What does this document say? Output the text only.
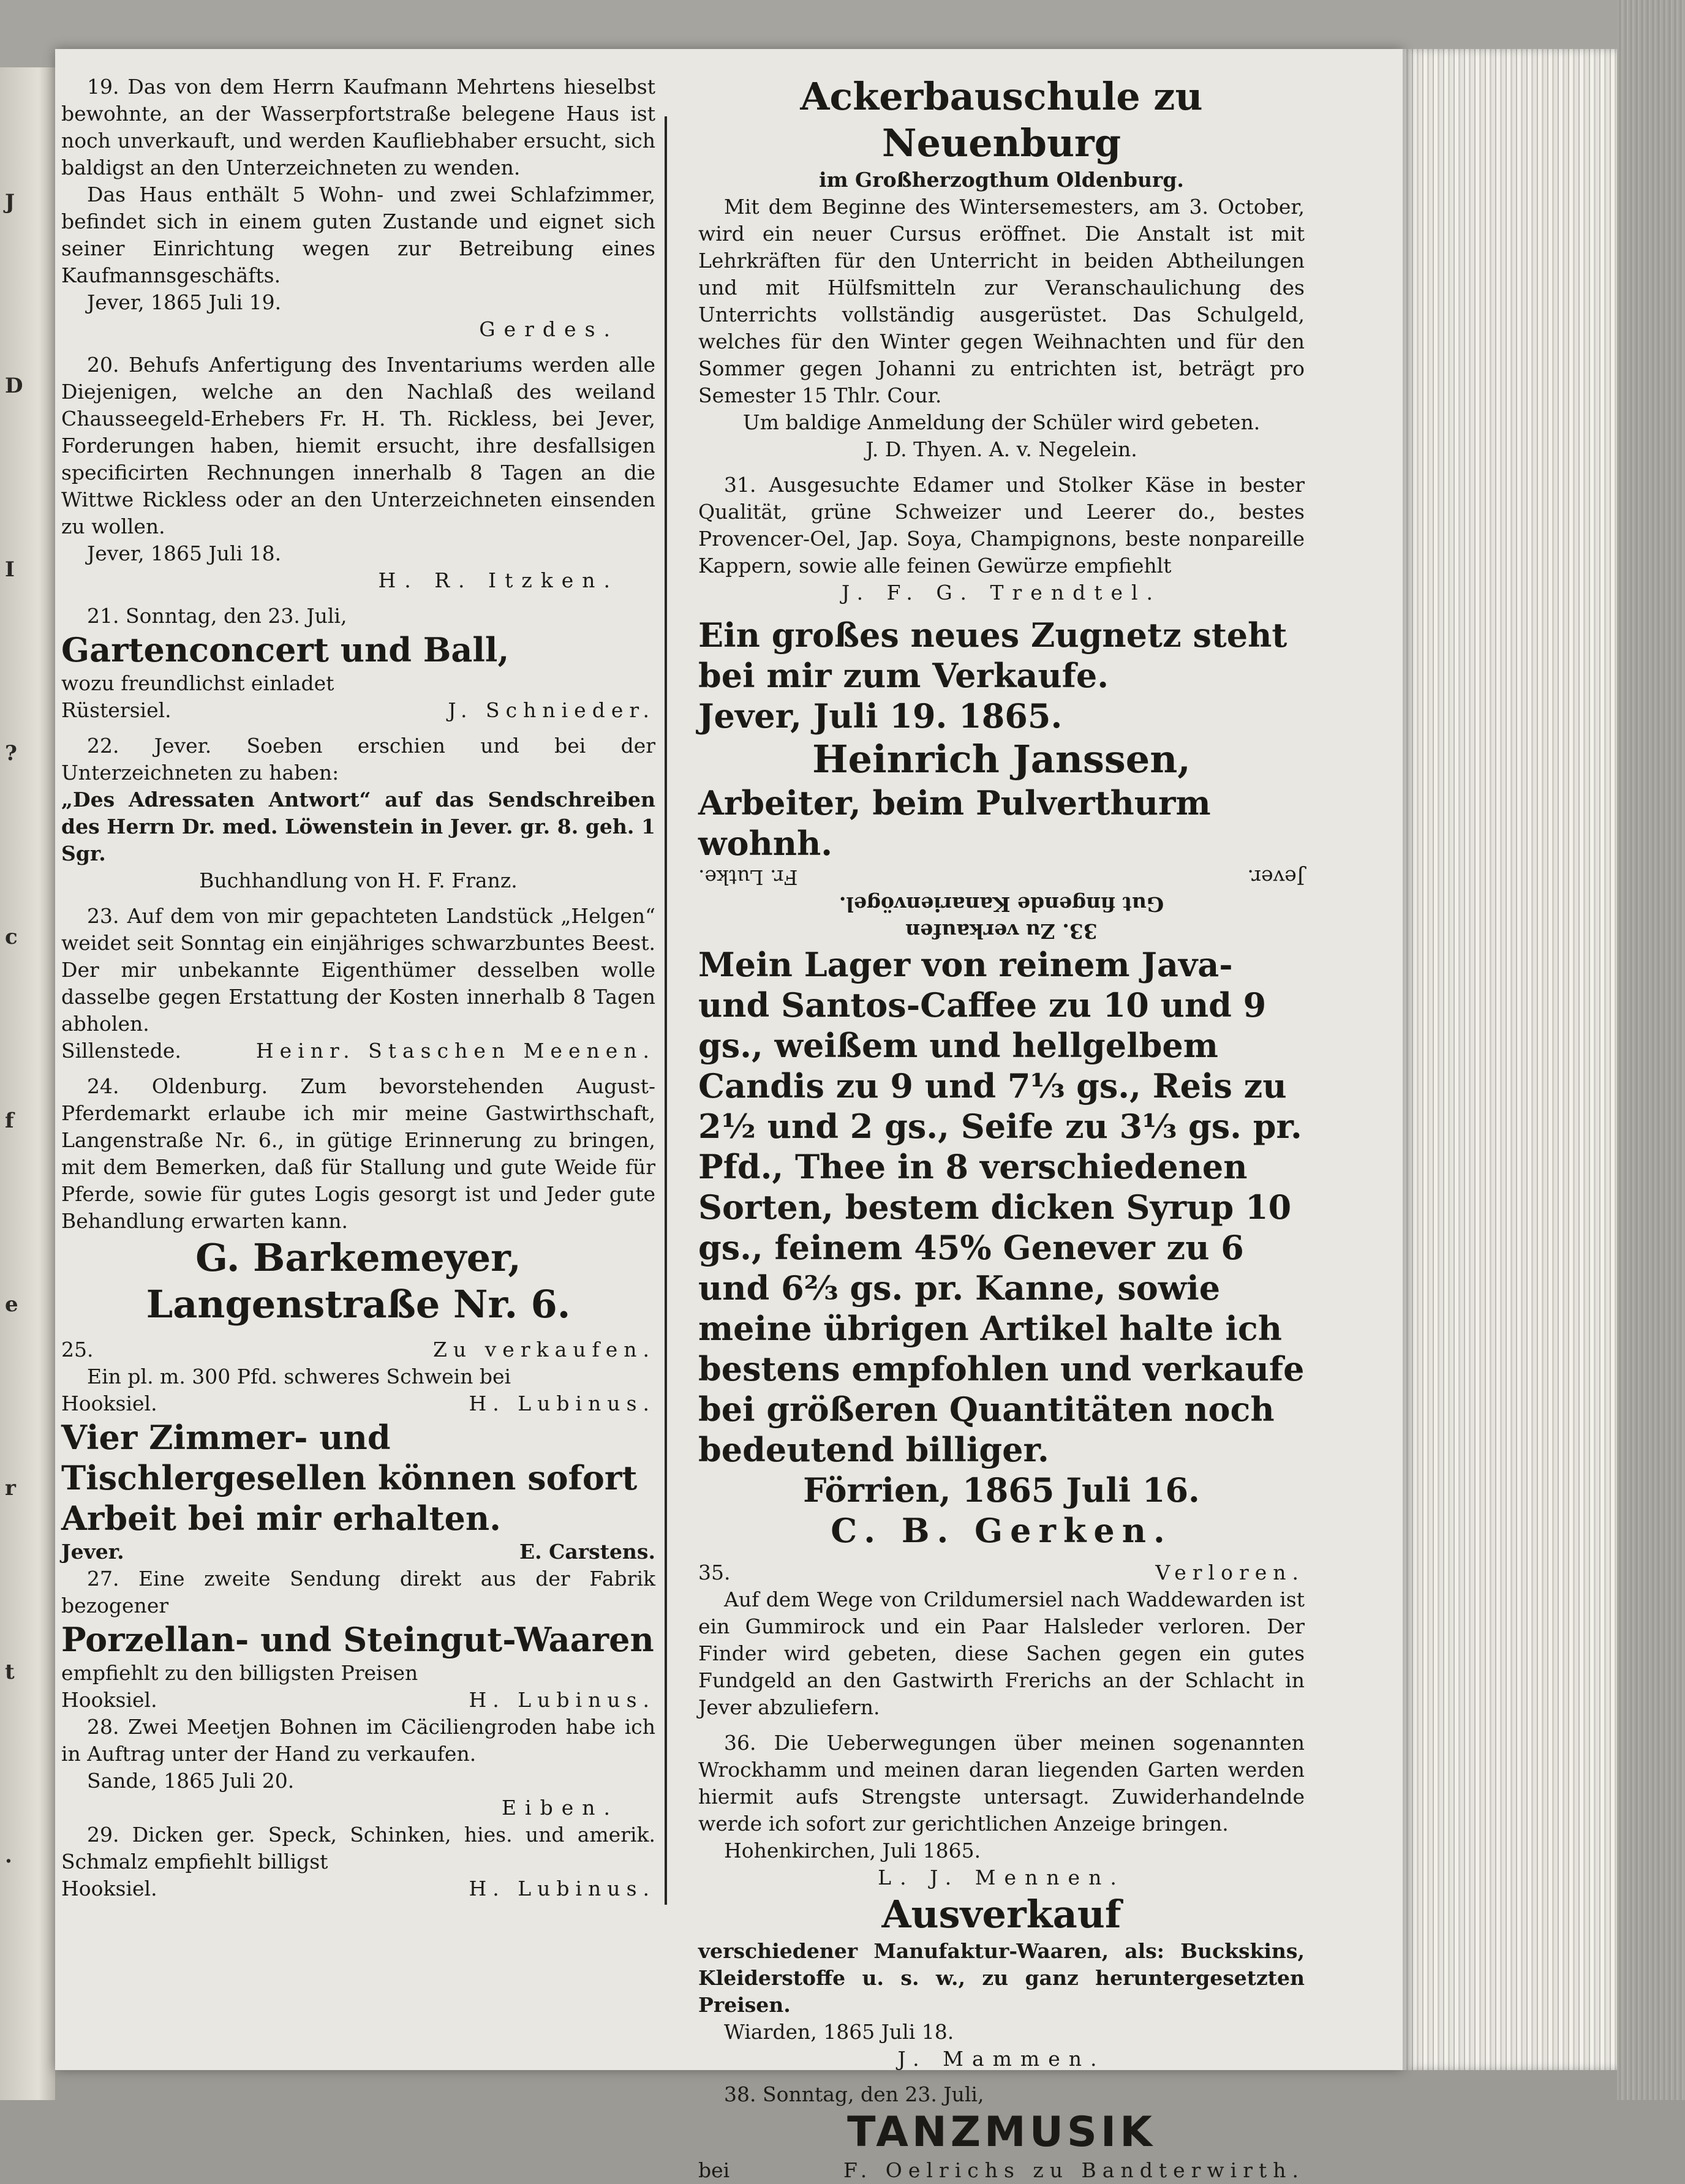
J
D
I
?
c
f
e
r
t
.

19. Das von dem Herrn Kaufmann Mehrtens hieselbst bewohnte, an der Wasserpfortstraße belegene Haus ist noch unverkauft, und werden Kaufliebhaber ersucht, sich baldigst an den Unterzeichneten zu wenden.

Das Haus enthält 5 Wohn- und zwei Schlafzimmer, befindet sich in einem guten Zustande und eignet sich seiner Einrichtung wegen zur Betreibung eines Kaufmannsgeschäfts.

Jever, 1865 Juli 19.

Gerdes.

20. Behufs Anfertigung des Inventariums werden alle Diejenigen, welche an den Nachlaß des weiland Chausseegeld-Erhebers Fr. H. Th. Rickless, bei Jever, Forderungen haben, hiemit ersucht, ihre desfallsigen specificirten Rechnungen innerhalb 8 Tagen an die Wittwe Rickless oder an den Unterzeichneten einsenden zu wollen.

Jever, 1865 Juli 18.

H. R. Itzken.

21. Sonntag, den 23. Juli,

Gartenconcert und Ball,

wozu freundlichst einladet

Rüstersiel.	J. Schnieder.

22. Jever. Soeben erschien und bei der Unterzeichneten zu haben:

„Des Adressaten Antwort“ auf das Sendschreiben des Herrn Dr. med. Löwenstein in Jever. gr. 8. geh. 1 Sgr.

Buchhandlung von H. F. Franz.

23. Auf dem von mir gepachteten Landstück „Helgen“ weidet seit Sonntag ein einjähriges schwarzbuntes Beest. Der mir unbekannte Eigenthümer desselben wolle dasselbe gegen Erstattung der Kosten innerhalb 8 Tagen abholen.

Sillenstede.	Heinr. Staschen Meenen.

24. Oldenburg. Zum bevorstehenden August-Pferdemarkt erlaube ich mir meine Gastwirthschaft, Langenstraße Nr. 6., in gütige Erinnerung zu bringen, mit dem Bemerken, daß für Stallung und gute Weide für Pferde, sowie für gutes Logis gesorgt ist und Jeder gute Behandlung erwarten kann.

G. Barkemeyer,

Langenstraße Nr. 6.

25.	Zu verkaufen.

Ein pl. m. 300 Pfd. schweres Schwein bei

Hooksiel.	H. Lubinus.

Vier Zimmer- und Tischlergesellen können sofort Arbeit bei mir erhalten.

Jever.	E. Carstens.

27. Eine zweite Sendung direkt aus der Fabrik bezogener

Porzellan- und Steingut-Waaren

empfiehlt zu den billigsten Preisen

Hooksiel.	H. Lubinus.

28. Zwei Meetjen Bohnen im Cäciliengroden habe ich in Auftrag unter der Hand zu verkaufen.

Sande, 1865 Juli 20.

Eiben.

29. Dicken ger. Speck, Schinken, hies. und amerik. Schmalz empfiehlt billigst

Hooksiel.	H. Lubinus.

Ackerbauschule zu Neuenburg

im Großherzogthum Oldenburg.

Mit dem Beginne des Wintersemesters, am 3. October, wird ein neuer Cursus eröffnet. Die Anstalt ist mit Lehrkräften für den Unterricht in beiden Abtheilungen und mit Hülfsmitteln zur Veranschaulichung des Unterrichts vollständig ausgerüstet. Das Schulgeld, welches für den Winter gegen Weihnachten und für den Sommer gegen Johanni zu entrichten ist, beträgt pro Semester 15 Thlr. Cour.

Um baldige Anmeldung der Schüler wird gebeten.

J. D. Thyen. A. v. Negelein.

31. Ausgesuchte Edamer und Stolker Käse in bester Qualität, grüne Schweizer und Leerer do., bestes Provencer-Oel, Jap. Soya, Champignons, beste nonpareille Kappern, sowie alle feinen Gewürze empfiehlt

J. F. G. Trendtel.

Ein großes neues Zugnetz steht bei mir zum Verkaufe.

Jever, Juli 19. 1865.

Heinrich Janssen,

Arbeiter, beim Pulverthurm wohnh.

Jever.
Fr. Lutke.

Gut fingende Kanarienvögel.

33. Zu verkaufen

Mein Lager von reinem Java- und Santos-Caffee zu 10 und 9 gs., weißem und hellgelbem Candis zu 9 und 7⅓ gs., Reis zu 2½ und 2 gs., Seife zu 3⅓ gs. pr. Pfd., Thee in 8 verschiedenen Sorten, bestem dicken Syrup 10 gs., feinem 45% Genever zu 6 und 6⅔ gs. pr. Kanne, sowie meine übrigen Artikel halte ich bestens empfohlen und verkaufe bei größeren Quantitäten noch bedeutend billiger.

Förrien, 1865 Juli 16.

C. B. Gerken.

35.	Verloren.

Auf dem Wege von Crildumersiel nach Waddewarden ist ein Gummirock und ein Paar Halsleder verloren. Der Finder wird gebeten, diese Sachen gegen ein gutes Fundgeld an den Gastwirth Frerichs an der Schlacht in Jever abzuliefern.

36. Die Ueberwegungen über meinen sogenannten Wrockhamm und meinen daran liegenden Garten werden hiermit aufs Strengste untersagt. Zuwiderhandelnde werde ich sofort zur gerichtlichen Anzeige bringen.

Hohenkirchen, Juli 1865.

L. J. Mennen.

Ausverkauf

verschiedener Manufaktur-Waaren, als: Buckskins, Kleiderstoffe u. s. w., zu ganz heruntergesetzten Preisen.

Wiarden, 1865 Juli 18.

J. Mammen.

38. Sonntag, den 23. Juli,

TANZMUSIK

bei	F. Oelrichs zu Bandterwirth.
